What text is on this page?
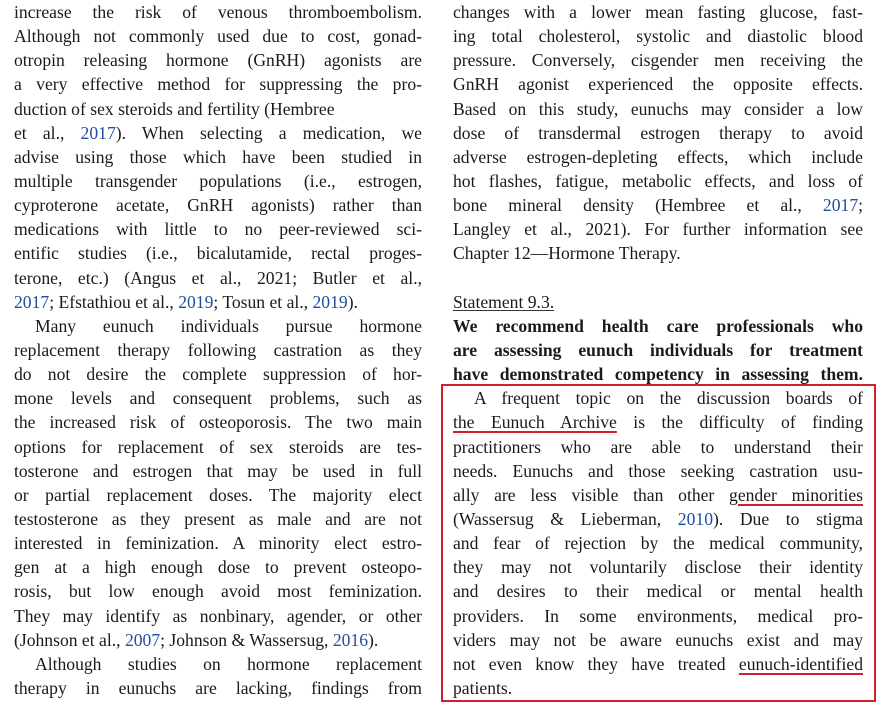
increase the risk of venous thromboembolism.
Although not commonly used due to cost, gonad-
otropin releasing hormone (GnRH) agonists are
a very effective method for suppressing the pro-
duction of sex steroids and fertility (Hembree
et al., 2017). When selecting a medication, we
advise using those which have been studied in
multiple transgender populations (i.e., estrogen,
cyproterone acetate, GnRH agonists) rather than
medications with little to no peer-reviewed sci-
entific studies (i.e., bicalutamide, rectal proges-
terone, etc.) (Angus et al., 2021; Butler et al.,
2017; Efstathiou et al., 2019; Tosun et al., 2019).
Many eunuch individuals pursue hormone
replacement therapy following castration as they
do not desire the complete suppression of hor-
mone levels and consequent problems, such as
the increased risk of osteoporosis. The two main
options for replacement of sex steroids are tes-
tosterone and estrogen that may be used in full
or partial replacement doses. The majority elect
testosterone as they present as male and are not
interested in feminization. A minority elect estro-
gen at a high enough dose to prevent osteopo-
rosis, but low enough avoid most feminization.
They may identify as nonbinary, agender, or other
(Johnson et al., 2007; Johnson & Wassersug, 2016).
Although studies on hormone replacement
therapy in eunuchs are lacking, findings from
changes with a lower mean fasting glucose, fast-
ing total cholesterol, systolic and diastolic blood
pressure. Conversely, cisgender men receiving the
GnRH agonist experienced the opposite effects.
Based on this study, eunuchs may consider a low
dose of transdermal estrogen therapy to avoid
adverse estrogen-depleting effects, which include
hot flashes, fatigue, metabolic effects, and loss of
bone mineral density (Hembree et al., 2017;
Langley et al., 2021). For further information see
Chapter 12—Hormone Therapy.
Statement 9.3.
We recommend health care professionals who
are assessing eunuch individuals for treatment
have demonstrated competency in assessing them.
A frequent topic on the discussion boards of
the Eunuch Archive is the difficulty of finding
practitioners who are able to understand their
needs. Eunuchs and those seeking castration usu-
ally are less visible than other gender minorities
(Wassersug & Lieberman, 2010). Due to stigma
and fear of rejection by the medical community,
they may not voluntarily disclose their identity
and desires to their medical or mental health
providers. In some environments, medical pro-
viders may not be aware eunuchs exist and may
not even know they have treated eunuch-identified
patients.
